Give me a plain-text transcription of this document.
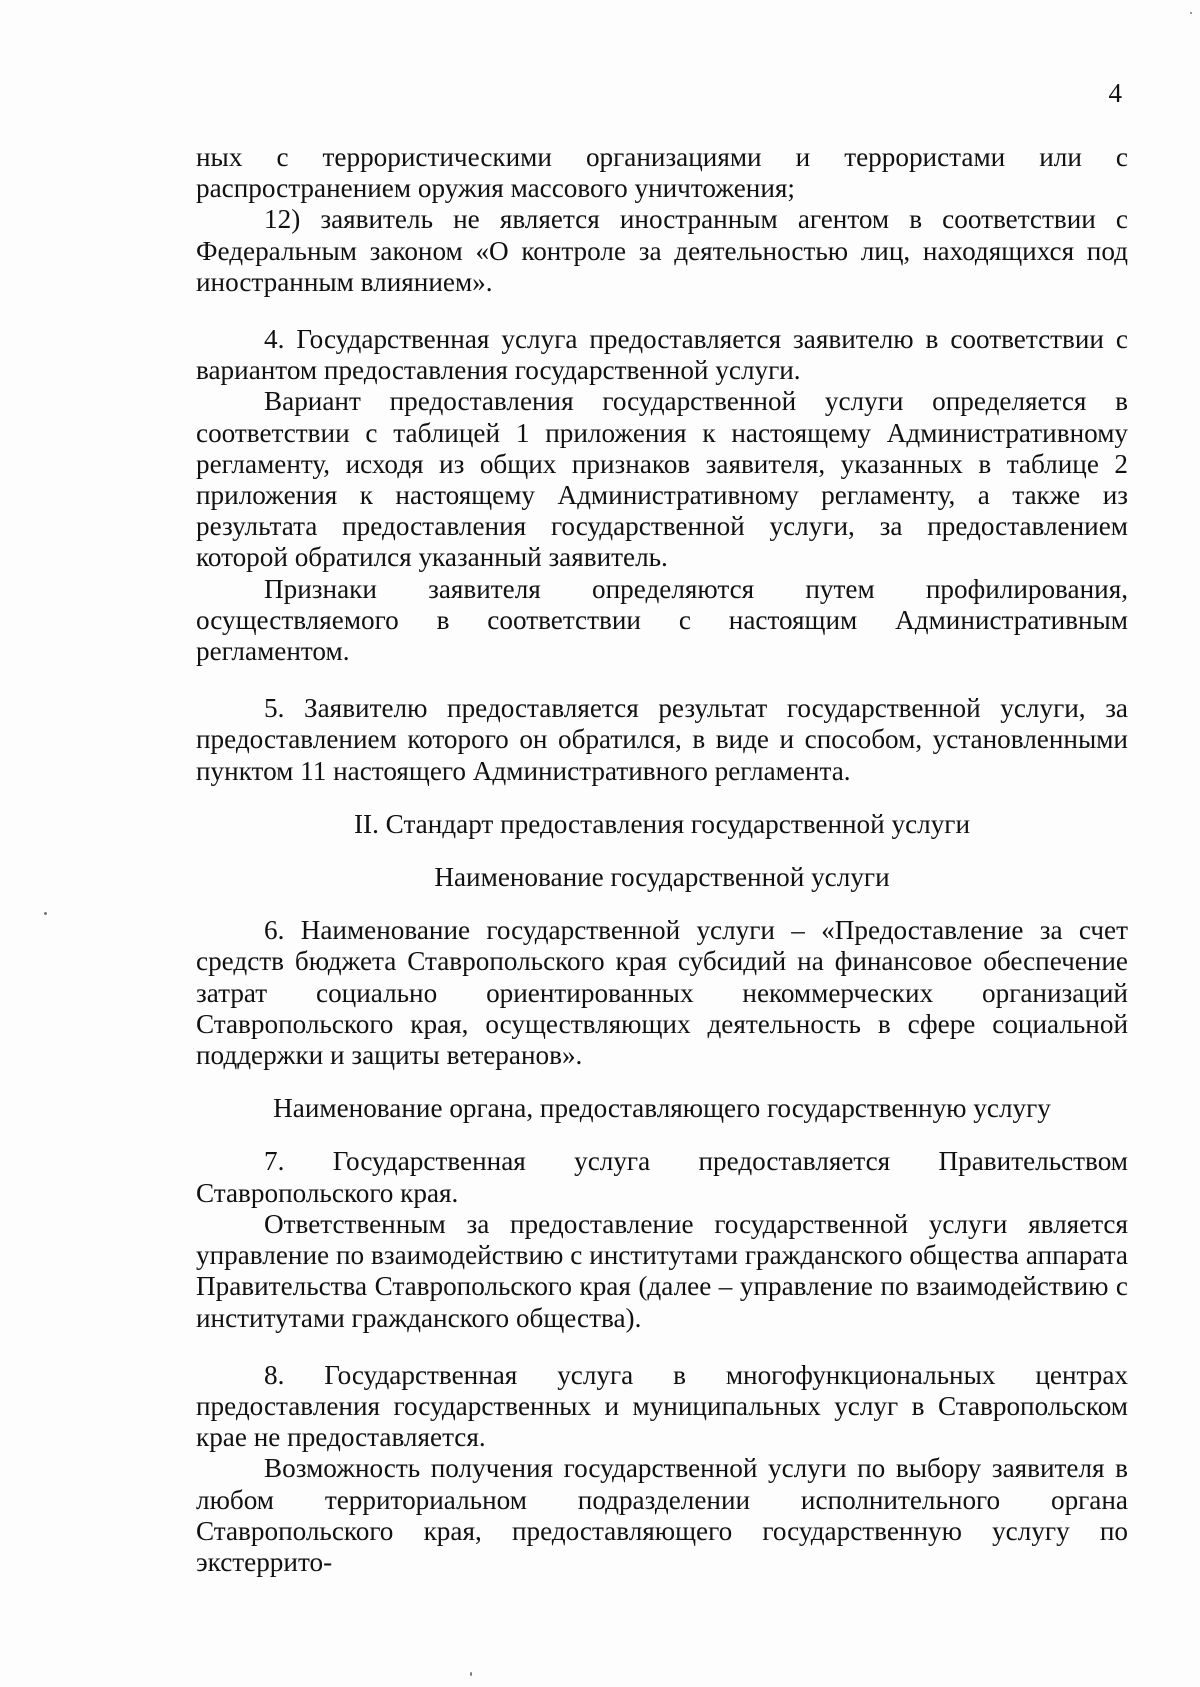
4

ных с террористическими организациями и террористами или с распространением оружия массового уничтожения;

12) заявитель не является иностранным агентом в соответствии с Федеральным законом «О контроле за деятельностью лиц, находящихся под иностранным влиянием».

4. Государственная услуга предоставляется заявителю в соответствии с вариантом предоставления государственной услуги.

Вариант предоставления государственной услуги определяется в соответствии с таблицей 1 приложения к настоящему Административному регламенту, исходя из общих признаков заявителя, указанных в таблице 2 приложения к настоящему Административному регламенту, а также из результата предоставления государственной услуги, за предоставлением которой обратился указанный заявитель.

Признаки заявителя определяются путем профилирования, осуществляемого в соответствии с настоящим Административным регламентом.

5. Заявителю предоставляется результат государственной услуги, за предоставлением которого он обратился, в виде и способом, установленными пунктом 11 настоящего Административного регламента.

II. Стандарт предоставления государственной услуги

Наименование государственной услуги

6. Наименование государственной услуги – «Предоставление за счет средств бюджета Ставропольского края субсидий на финансовое обеспечение затрат социально ориентированных некоммерческих организаций Ставропольского края, осуществляющих деятельность в сфере социальной поддержки и защиты ветеранов».

Наименование органа, предоставляющего государственную услугу

7. Государственная услуга предоставляется Правительством Ставропольского края.

Ответственным за предоставление государственной услуги является управление по взаимодействию с институтами гражданского общества аппарата Правительства Ставропольского края (далее – управление по взаимодействию с институтами гражданского общества).

8. Государственная услуга в многофункциональных центрах предоставления государственных и муниципальных услуг в Ставропольском крае не предоставляется.

Возможность получения государственной услуги по выбору заявителя в любом территориальном подразделении исполнительного органа Ставропольского края, предоставляющего государственную услугу по экстеррито-
